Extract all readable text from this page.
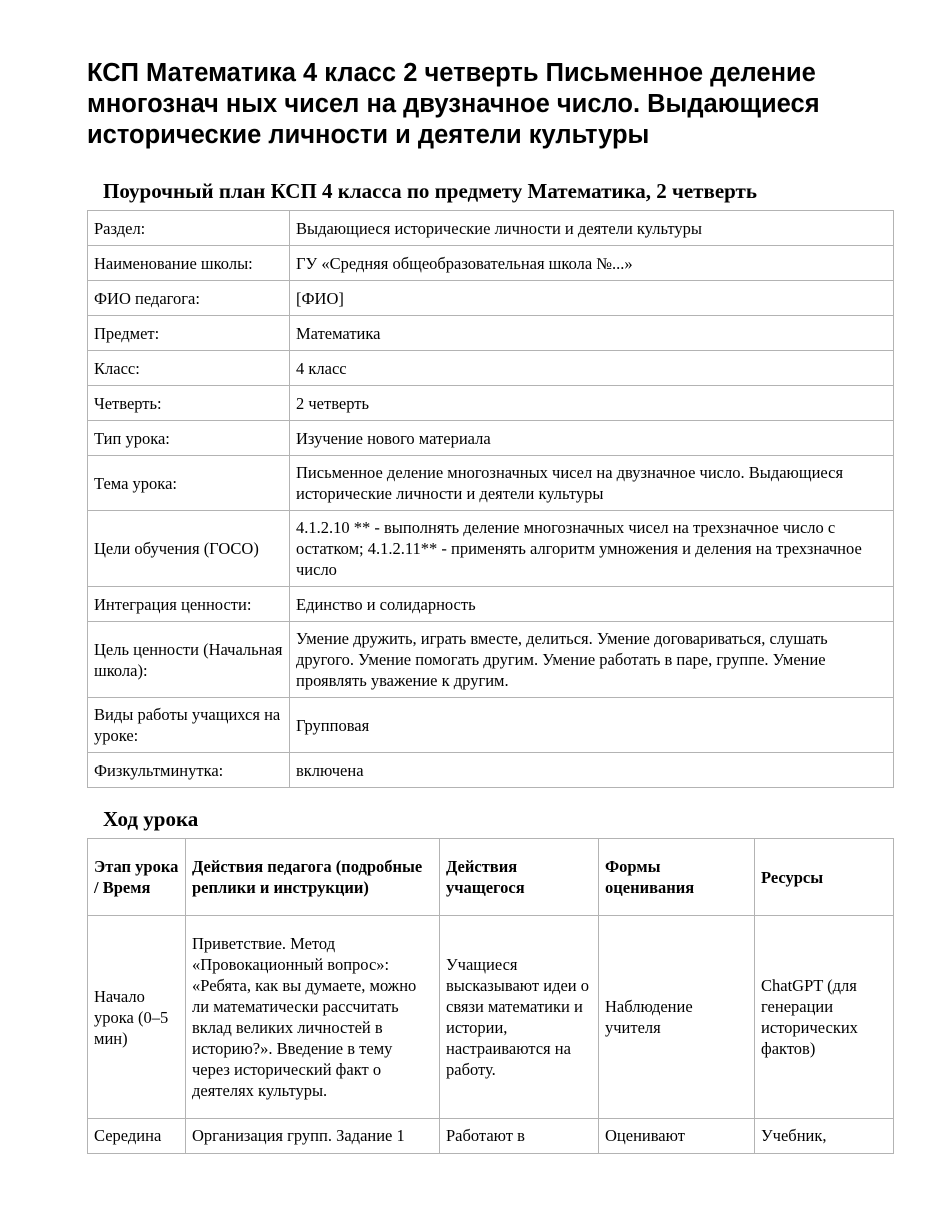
КСП Математика 4 класс 2 четверть Письменное деление многознач ных чисел на двузначное число. Выдающиеся исторические личности и деятели культуры
Поурочный план КСП 4 класса по предмету Математика, 2 четверть
Раздел:	Выдающиеся исторические личности и деятели культуры
Наименование школы:	ГУ «Средняя общеобразовательная школа №...»
ФИО педагога:	[ФИО]
Предмет:	Математика
Класс:	4 класс
Четверть:	2 четверть
Тип урока:	Изучение нового материала
Тема урока:	Письменное деление многозначных чисел на двузначное число. Выдающиеся исторические личности и деятели культуры
Цели обучения (ГОСО)	4.1.2.10 ** - выполнять деление многозначных чисел на трехзначное число с остатком; 4.1.2.11** - применять алгоритм умножения и деления на трехзначное число
Интеграция ценности:	Единство и солидарность
Цель ценности (Начальная школа):	Умение дружить, играть вместе, делиться. Умение договариваться, слушать другого. Умение помогать другим. Умение работать в паре, группе. Умение проявлять уважение к другим.
Виды работы учащихся на уроке:	Групповая
Физкультминутка:	включена
Ход урока
Этап урока / Время	Действия педагога (подробные реплики и инструкции)	Действия учащегося	Формы оценивания	Ресурсы
Начало урока (0–5 мин)	Приветствие. Метод «Провокационный вопрос»: «Ребята, как вы думаете, можно ли математически рассчитать вклад великих личностей в историю?». Введение в тему через исторический факт о деятелях культуры.	Учащиеся высказывают идеи о связи математики и истории, настраиваются на работу.	Наблюдение учителя	ChatGPT (для генерации исторических фактов)
Середина	Организация групп. Задание 1	Работают в	Оценивают	Учебник,
